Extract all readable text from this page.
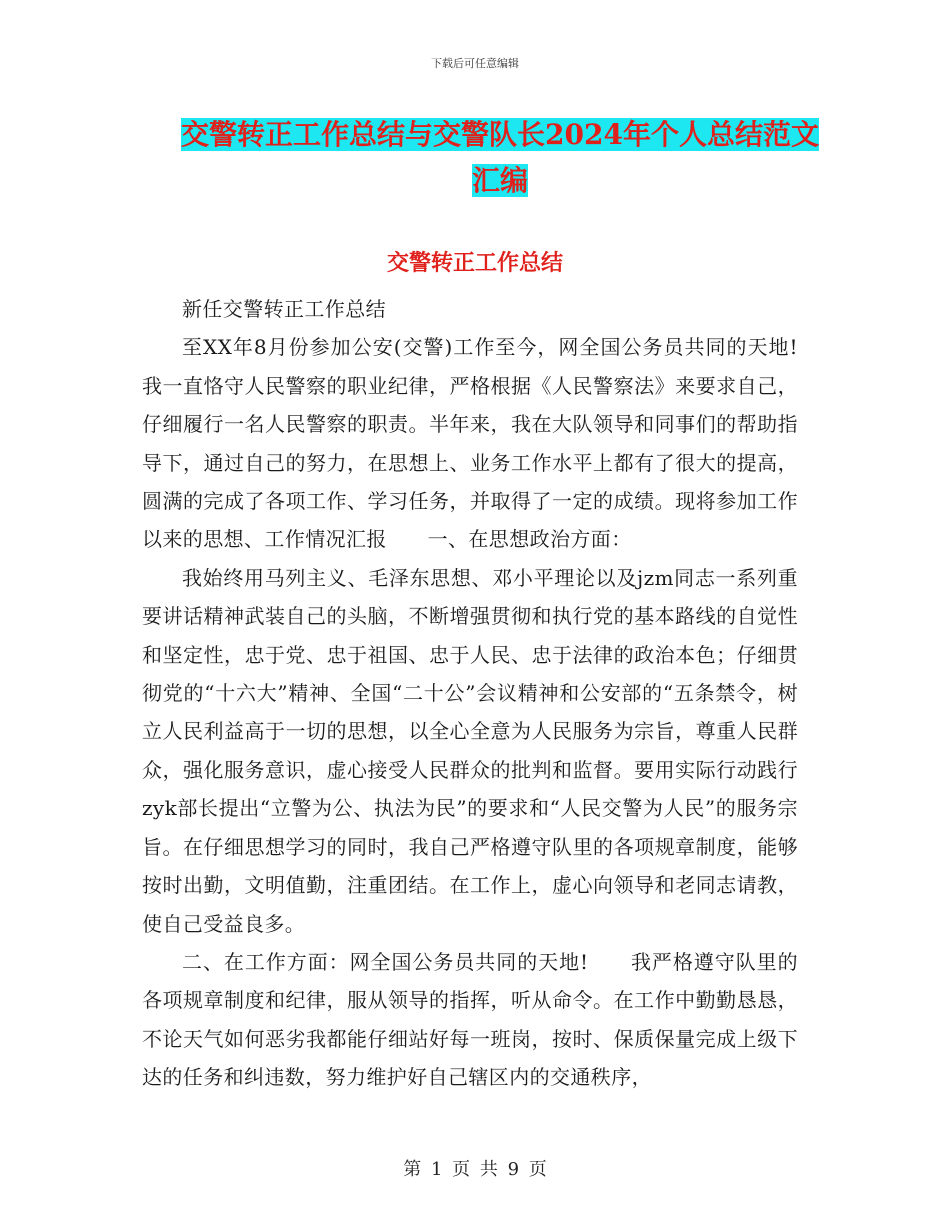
下载后可任意编辑
交警转正工作总结与交警队长2024年个人总结范文汇编
交警转正工作总结

新任交警转正工作总结

至XX年8月份参加公安(交警)工作至今，网全国公务员共同的天地!我一直恪守人民警察的职业纪律，严格根据《人民警察法》来要求自己，仔细履行一名人民警察的职责。半年来，我在大队领导和同事们的帮助指导下，通过自己的努力，在思想上、业务工作水平上都有了很大的提高，圆满的完成了各项工作、学习任务，并取得了一定的成绩。现将参加工作以来的思想、工作情况汇报　　一、在思想政治方面：

我始终用马列主义、毛泽东思想、邓小平理论以及jzm同志一系列重要讲话精神武装自己的头脑，不断增强贯彻和执行党的基本路线的自觉性和坚定性，忠于党、忠于祖国、忠于人民、忠于法律的政治本色；仔细贯彻党的“十六大”精神、全国“二十公”会议精神和公安部的“五条禁令，树立人民利益高于一切的思想，以全心全意为人民服务为宗旨，尊重人民群众，强化服务意识，虚心接受人民群众的批判和监督。要用实际行动践行zyk部长提出“立警为公、执法为民”的要求和“人民交警为人民”的服务宗旨。在仔细思想学习的同时，我自己严格遵守队里的各项规章制度，能够按时出勤，文明值勤，注重团结。在工作上，虚心向领导和老同志请教，使自己受益良多。

二、在工作方面：网全国公务员共同的天地!　　我严格遵守队里的各项规章制度和纪律，服从领导的指挥，听从命令。在工作中勤勤恳恳，不论天气如何恶劣我都能仔细站好每一班岗，按时、保质保量完成上级下达的任务和纠违数，努力维护好自己辖区内的交通秩序，

第 1 页 共 9 页
